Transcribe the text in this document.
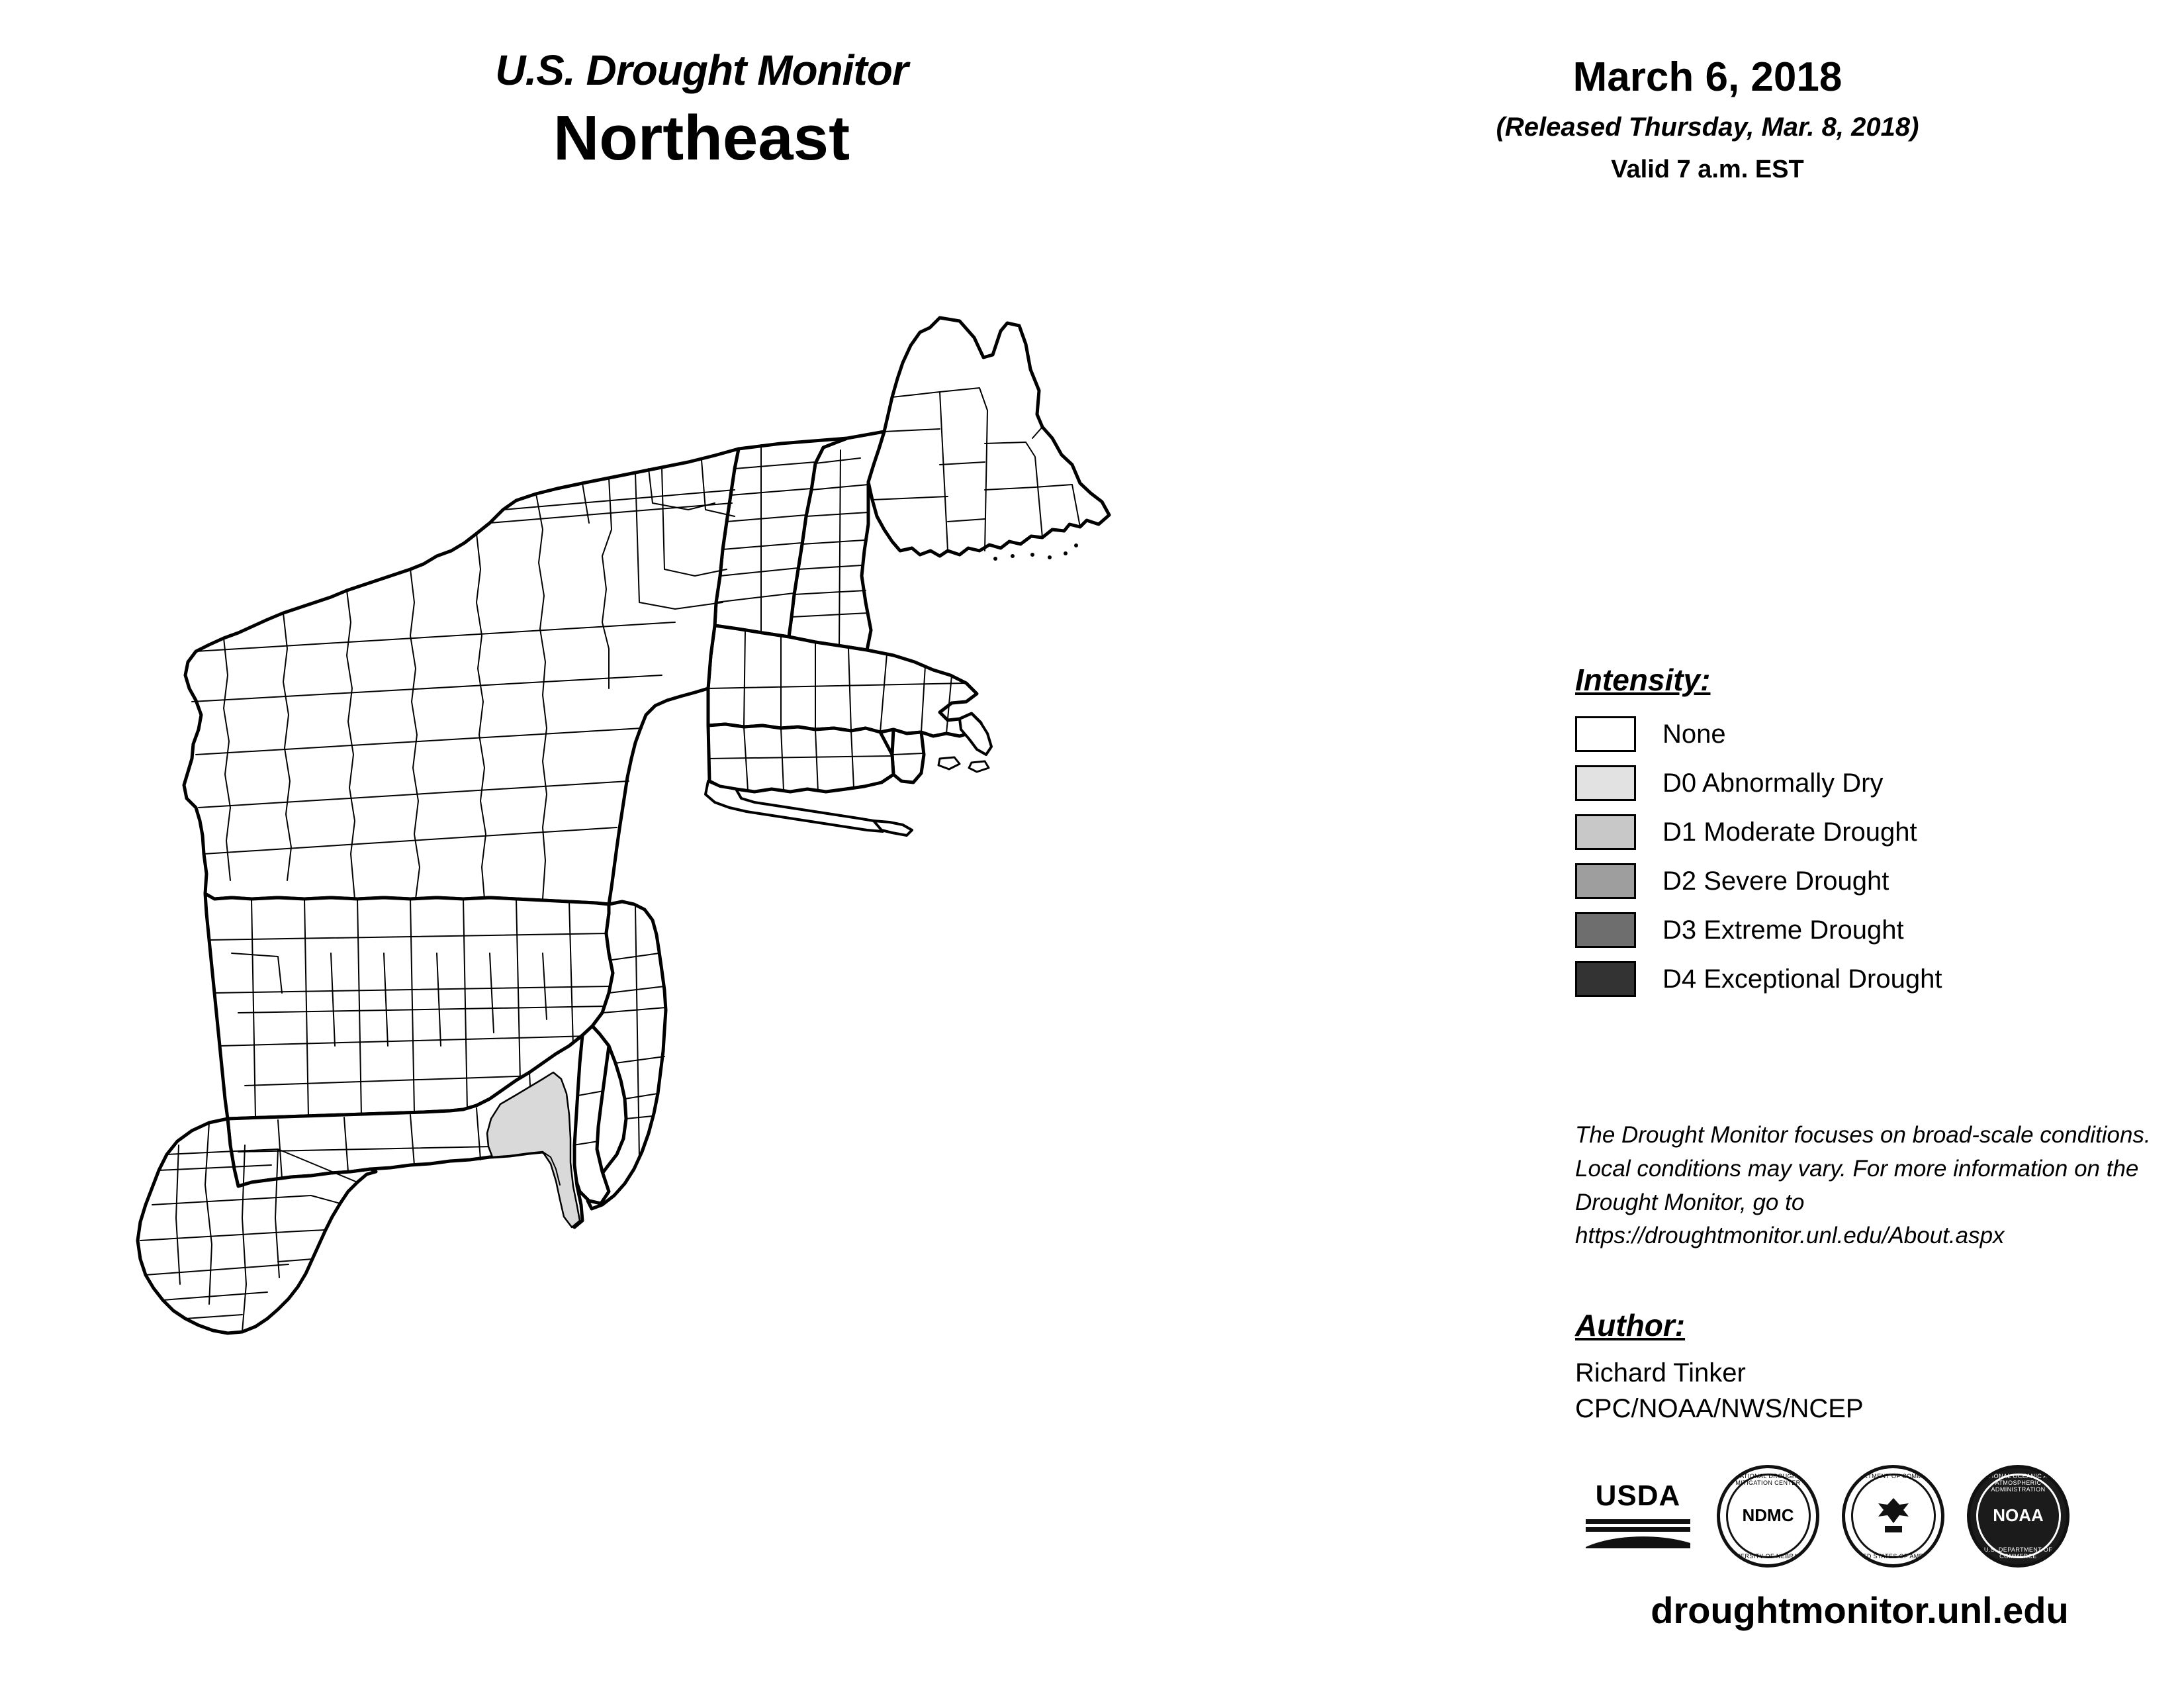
U.S. Drought Monitor
Northeast
March 6, 2018
(Released Thursday, Mar. 8, 2018)
Valid 7 a.m. EST
Intensity:
None
D0 Abnormally Dry
D1 Moderate Drought
D2 Severe Drought
D3 Extreme Drought
D4 Exceptional Drought
The Drought Monitor focuses on broad-scale conditions. Local conditions may vary. For more information on the Drought Monitor, go to https://droughtmonitor.unl.edu/About.aspx
Author:
Richard Tinker
CPC/NOAA/NWS/NCEP
USDA
NATIONAL DROUGHT MITIGATION CENTER
NDMC
UNIVERSITY OF NEBRASKA
DEPARTMENT OF COMMERCE
UNITED STATES OF AMERICA
NATIONAL OCEANIC AND ATMOSPHERIC ADMINISTRATION
NOAA
U.S. DEPARTMENT OF COMMERCE
droughtmonitor.unl.edu
